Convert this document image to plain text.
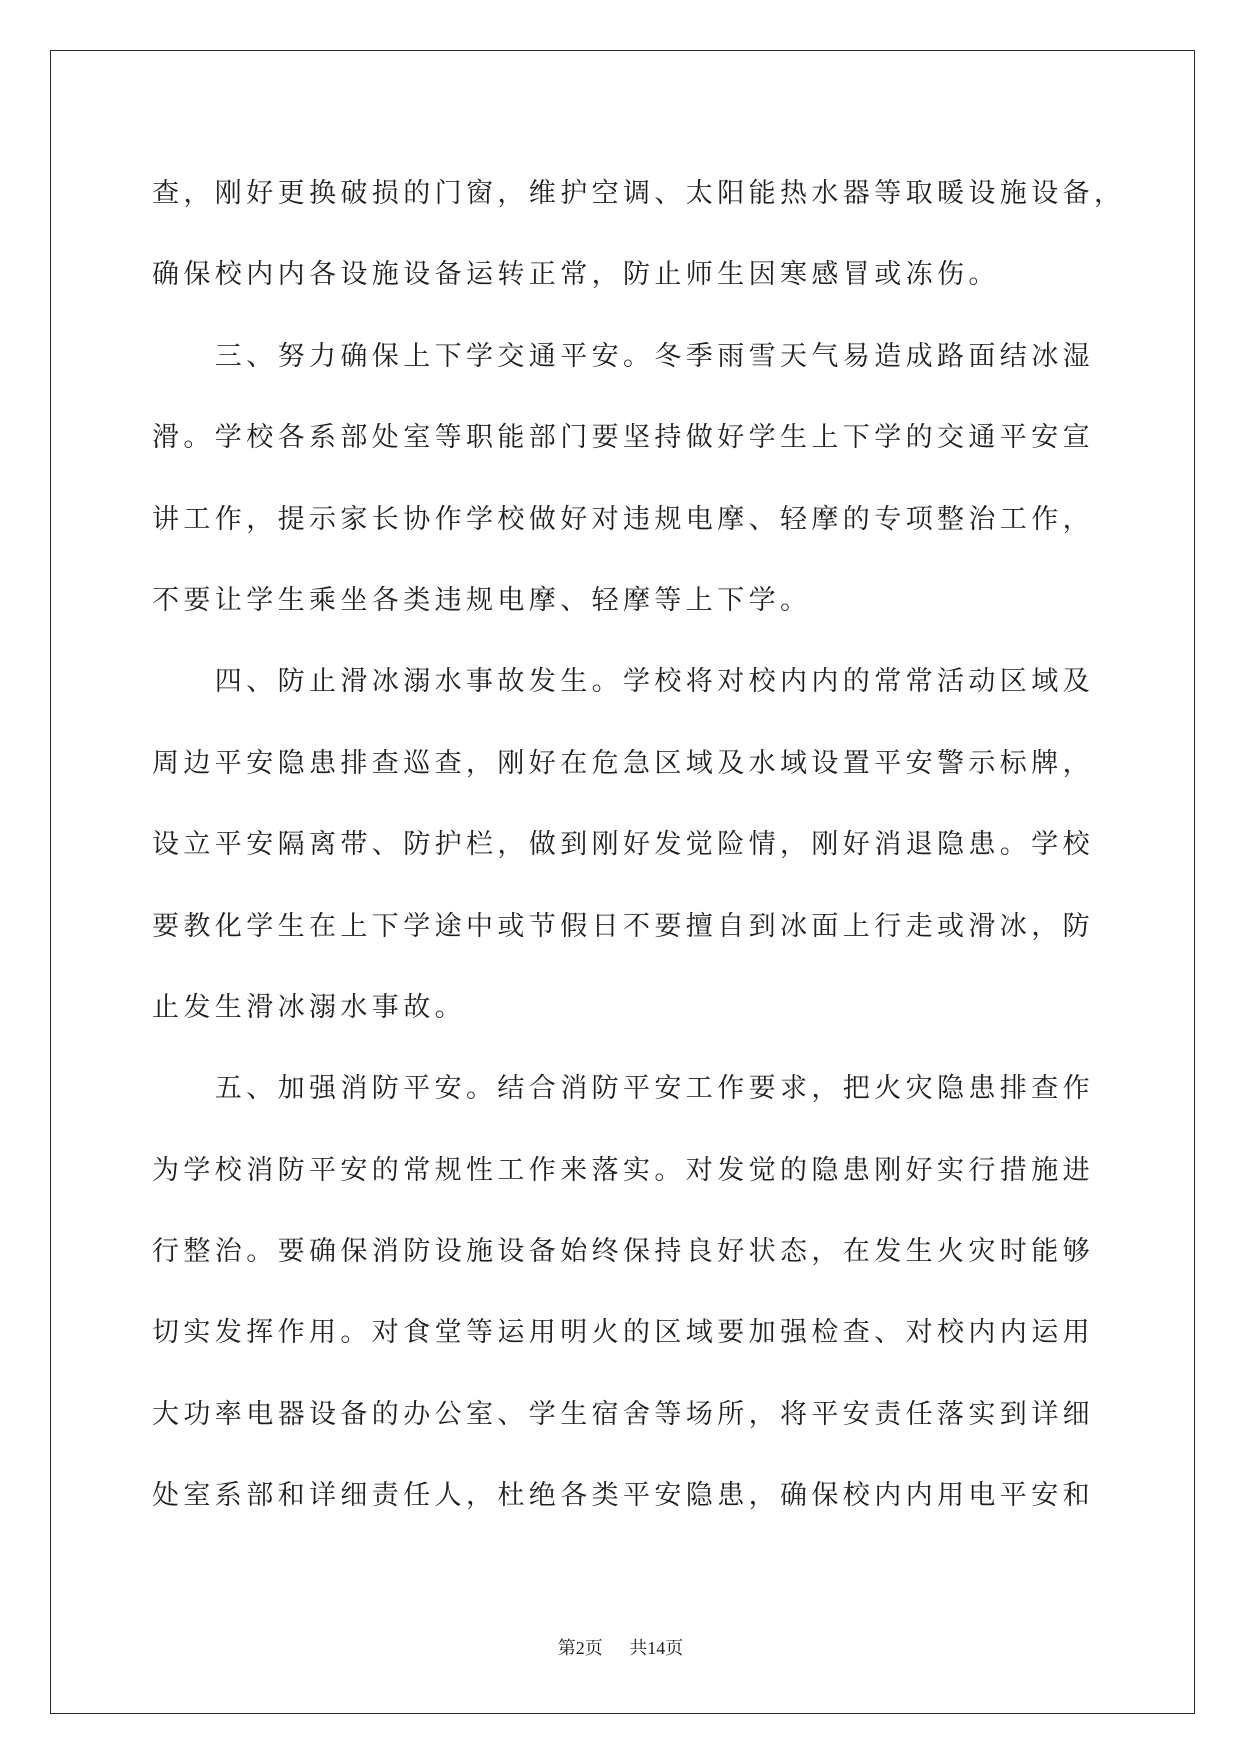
查，刚好更换破损的门窗，维护空调、太阳能热水器等取暖设施设备，
确保校内内各设施设备运转正常，防止师生因寒感冒或冻伤。
三、努力确保上下学交通平安。冬季雨雪天气易造成路面结冰湿
滑。学校各系部处室等职能部门要坚持做好学生上下学的交通平安宣
讲工作，提示家长协作学校做好对违规电摩、轻摩的专项整治工作，
不要让学生乘坐各类违规电摩、轻摩等上下学。
四、防止滑冰溺水事故发生。学校将对校内内的常常活动区域及
周边平安隐患排查巡查，刚好在危急区域及水域设置平安警示标牌，
设立平安隔离带、防护栏，做到刚好发觉险情，刚好消退隐患。学校
要教化学生在上下学途中或节假日不要擅自到冰面上行走或滑冰，防
止发生滑冰溺水事故。
五、加强消防平安。结合消防平安工作要求，把火灾隐患排查作
为学校消防平安的常规性工作来落实。对发觉的隐患刚好实行措施进
行整治。要确保消防设施设备始终保持良好状态，在发生火灾时能够
切实发挥作用。对食堂等运用明火的区域要加强检查、对校内内运用
大功率电器设备的办公室、学生宿舍等场所，将平安责任落实到详细
处室系部和详细责任人，杜绝各类平安隐患，确保校内内用电平安和
第2页 共14页
